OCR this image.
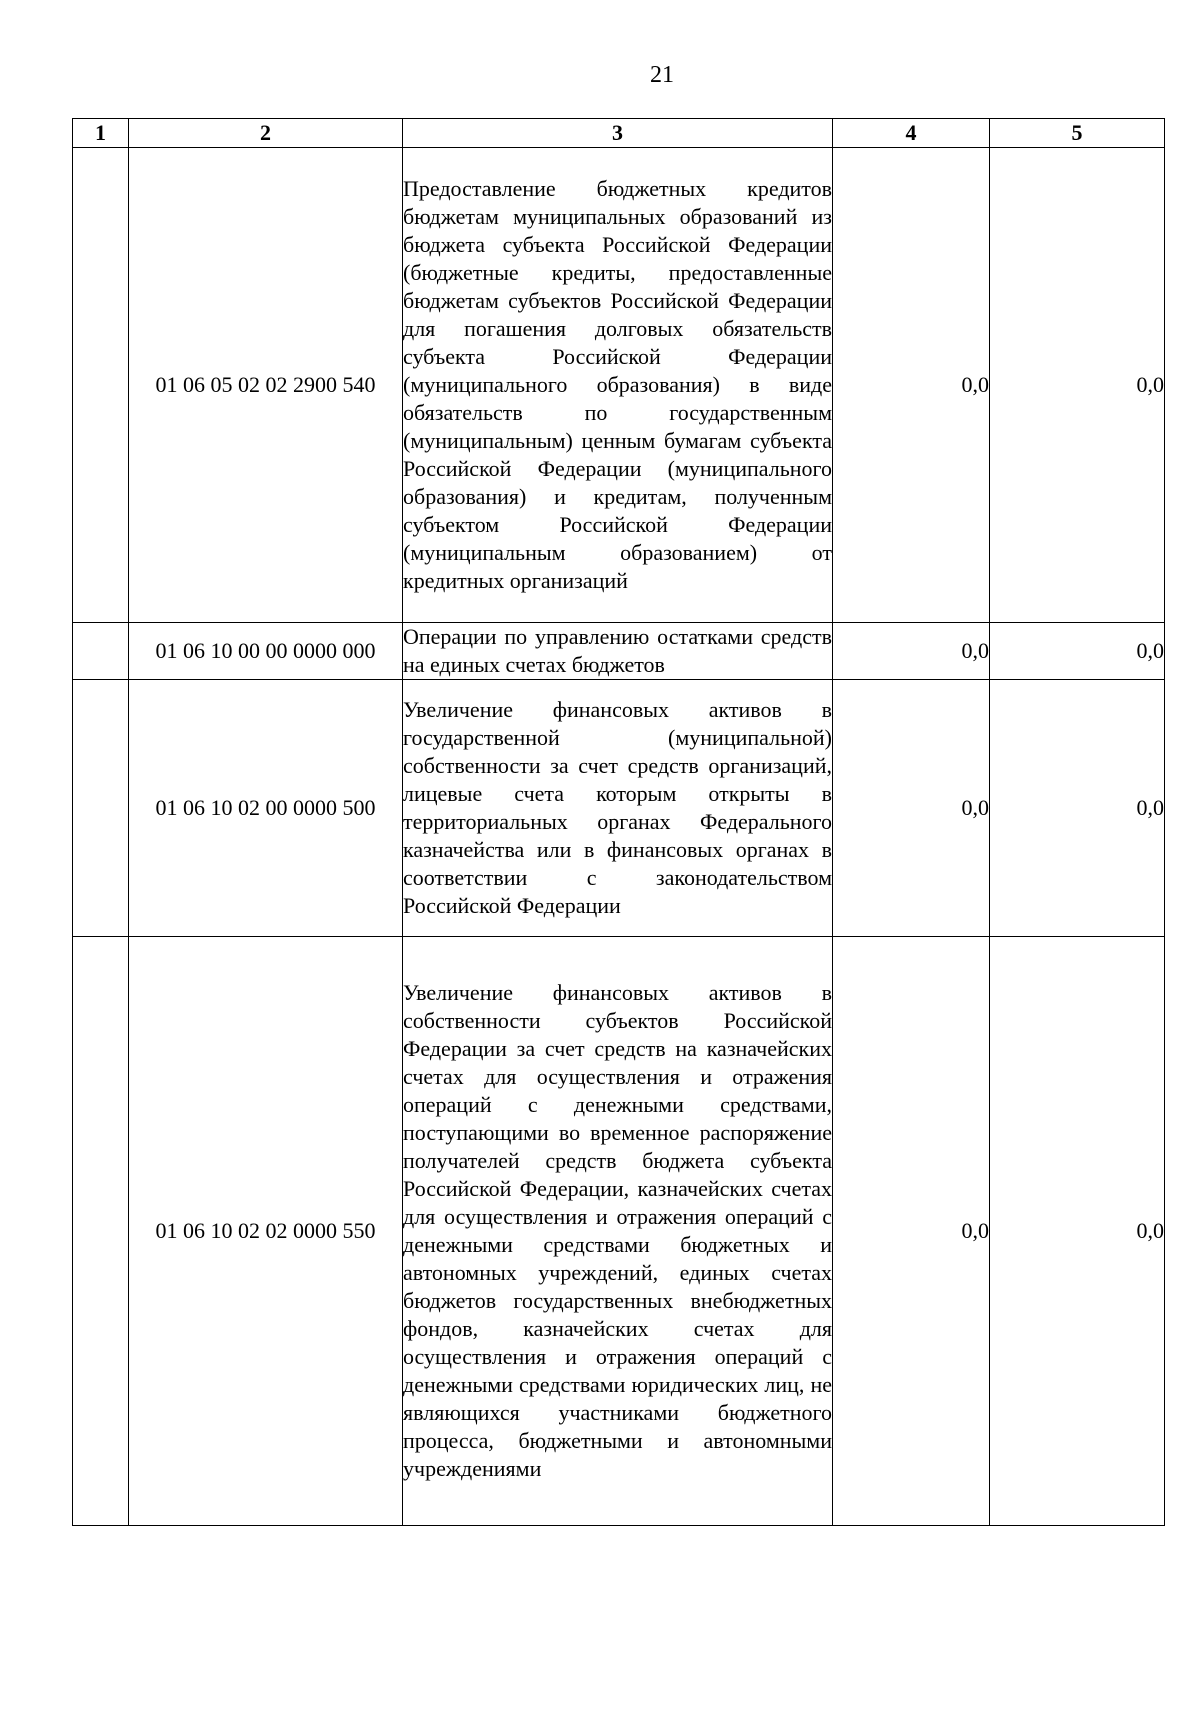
21
1	2	3	4	5
	01 06 05 02 02 2900 540	Предоставление бюджетных кредитов бюджетам муниципальных образований из бюджета субъекта Российской Федерации (бюджетные кредиты, предоставленные бюджетам субъектов Российской Федерации для погашения долговых обязательств субъекта Российской Федерации (муниципального образования) в виде обязательств по государственным (муниципальным) ценным бумагам субъекта Российской Федерации (муниципального образования) и кредитам, полученным субъектом Российской Федерации (муниципальным образованием) от кредитных организаций	0,0	0,0
	01 06 10 00 00 0000 000	Операции по управлению остатками средств на единых счетах бюджетов	0,0	0,0
	01 06 10 02 00 0000 500	Увеличение финансовых активов в государственной (муниципальной) собственности за счет средств организаций, лицевые счета которым открыты в территориальных органах Федерального казначейства или в финансовых органах в соответствии с законодательством Российской Федерации	0,0	0,0
	01 06 10 02 02 0000 550	Увеличение финансовых активов в собственности субъектов Российской Федерации за счет средств на казначейских счетах для осуществления и отражения операций с денежными средствами, поступающими во временное распоряжение получателей средств бюджета субъекта Российской Федерации, казначейских счетах для осуществления и отражения операций с денежными средствами бюджетных и автономных учреждений, единых счетах бюджетов государственных внебюджетных фондов, казначейских счетах для осуществления и отражения операций с денежными средствами юридических лиц, не являющихся участниками бюджетного процесса, бюджетными и автономными учреждениями	0,0	0,0
